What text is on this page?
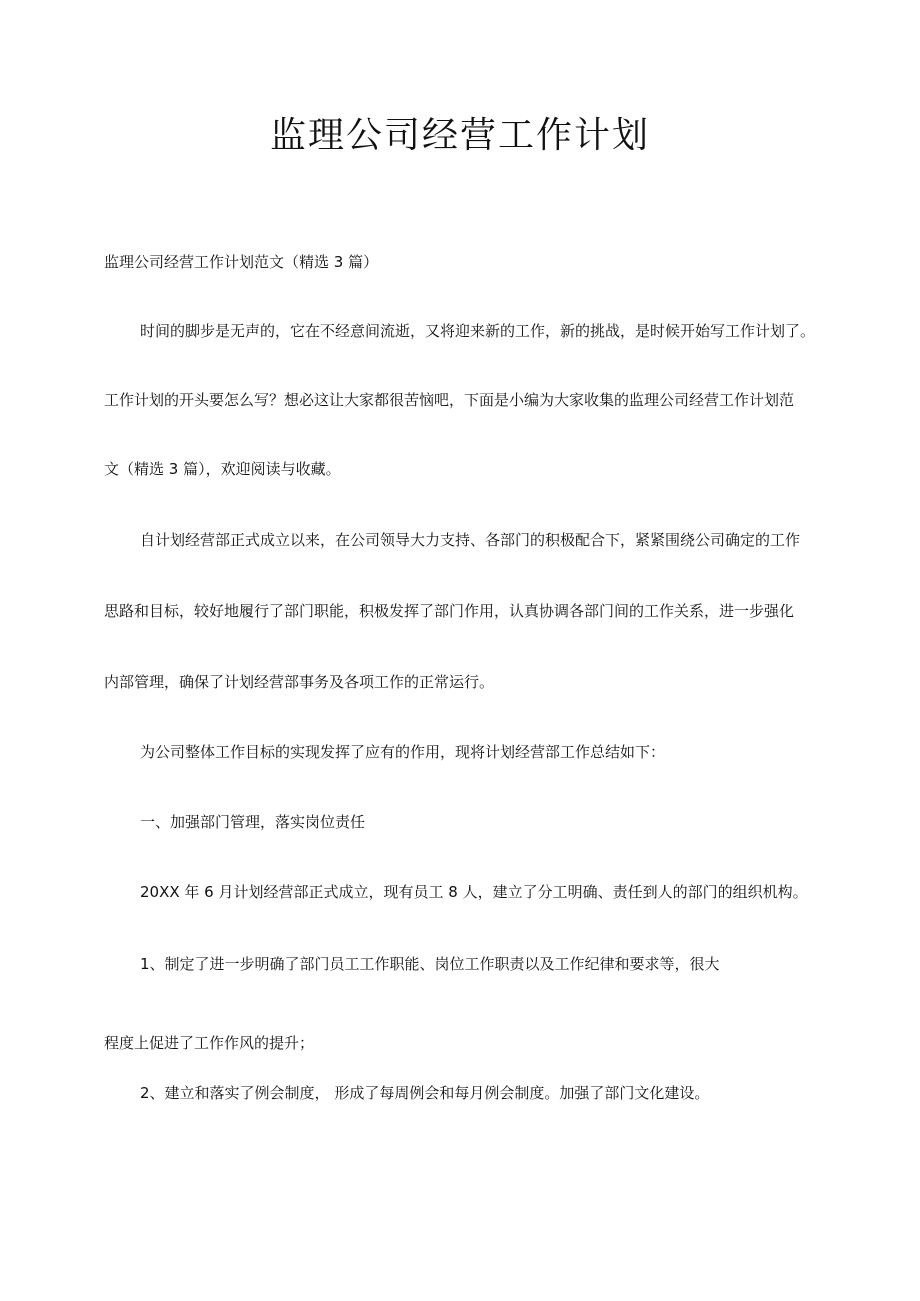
监理公司经营工作计划

监理公司经营工作计划范文（精选 3 篇）

时间的脚步是无声的，它在不经意间流逝，又将迎来新的工作，新的挑战，是时候开始写工作计划了。

工作计划的开头要怎么写？想必这让大家都很苦恼吧，下面是小编为大家收集的监理公司经营工作计划范

文（精选 3 篇），欢迎阅读与收藏。

自计划经营部正式成立以来，在公司领导大力支持、各部门的积极配合下，紧紧围绕公司确定的工作

思路和目标，较好地履行了部门职能，积极发挥了部门作用，认真协调各部门间的工作关系，进一步强化

内部管理，确保了计划经营部事务及各项工作的正常运行。

为公司整体工作目标的实现发挥了应有的作用，现将计划经营部工作总结如下：

一、加强部门管理，落实岗位责任

20XX 年 6 月计划经营部正式成立，现有员工 8 人，建立了分工明确、责任到人的部门的组织机构。

1、制定了进一步明确了部门员工工作职能、岗位工作职责以及工作纪律和要求等，很大

程度上促进了工作作风的提升；

2、建立和落实了例会制度， 形成了每周例会和每月例会制度。加强了部门文化建设。
